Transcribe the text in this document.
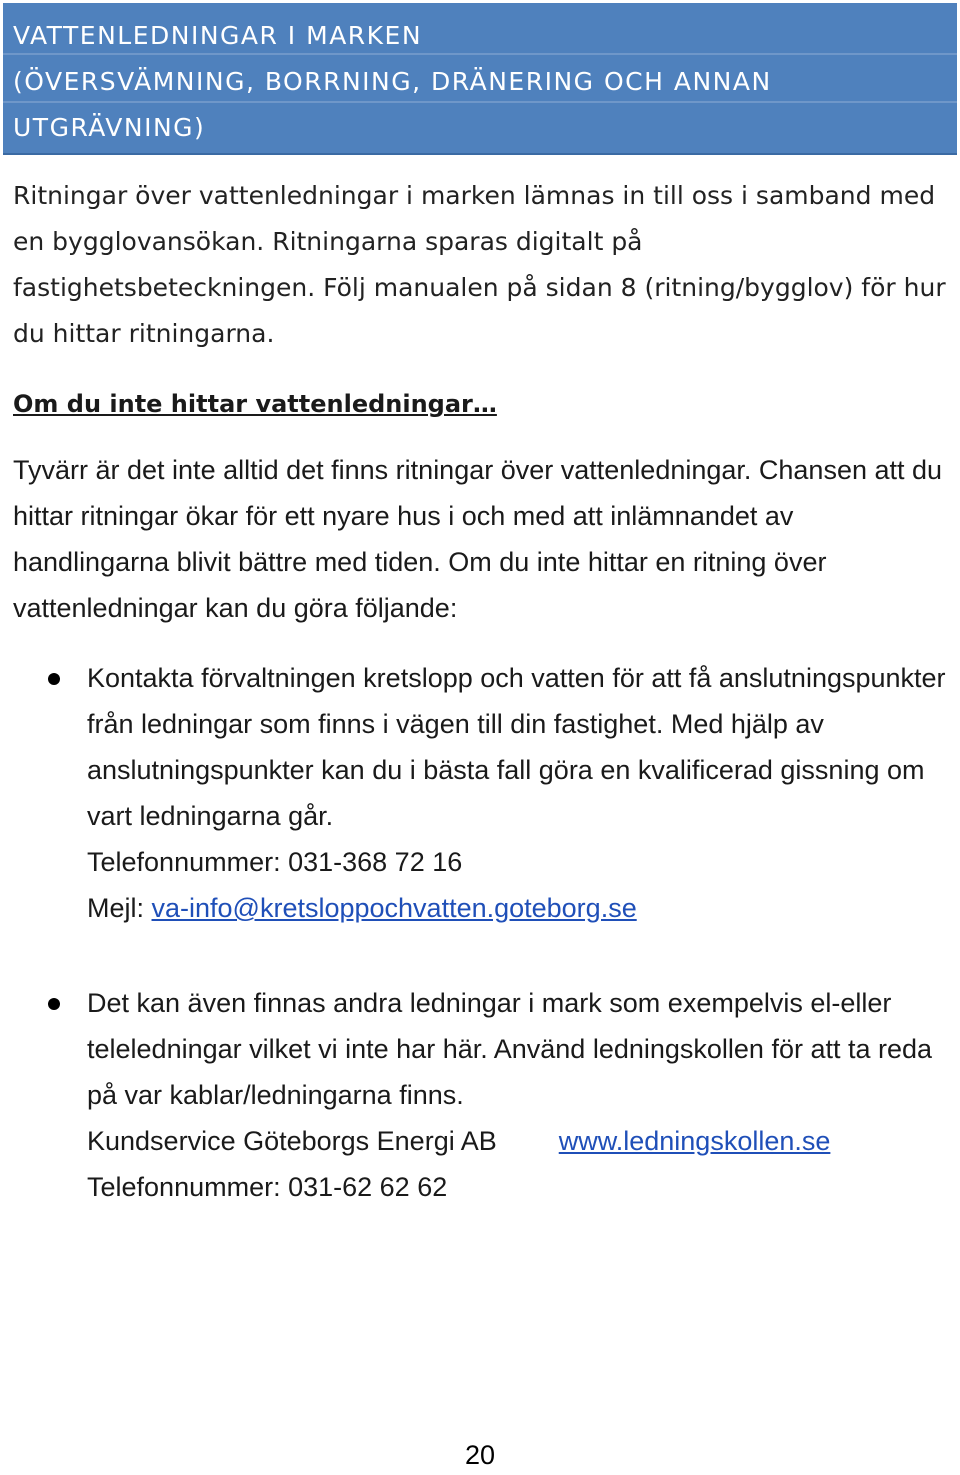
VATTENLEDNINGAR I MARKEN
(ÖVERSVÄMNING, BORRNING, DRÄNERING OCH ANNAN
UTGRÄVNING)

Ritningar över vattenledningar i marken lämnas in till oss i samband med en bygglovansökan. Ritningarna sparas digitalt på fastighetsbeteckningen. Följ manualen på sidan 8 (ritning/bygglov) för hur du hittar ritningarna.

Om du inte hittar vattenledningar…

Tyvärr är det inte alltid det finns ritningar över vattenledningar. Chansen att du hittar ritningar ökar för ett nyare hus i och med att inlämnandet av handlingarna blivit bättre med tiden. Om du inte hittar en ritning över vattenledningar kan du göra följande:

Kontakta förvaltningen kretslopp och vatten för att få anslutningspunkter från ledningar som finns i vägen till din fastighet. Med hjälp av anslutningspunkter kan du i bästa fall göra en kvalificerad gissning om vart ledningarna går.
Telefonnummer: 031-368 72 16
Mejl: va-info@kretsloppochvatten.goteborg.se
Det kan även finnas andra ledningar i mark som exempelvis el-eller teleledningar vilket vi inte har här. Använd ledningskollen för att ta reda på var kablar/ledningarna finns.
Kundservice Göteborgs Energi AB www.ledningskollen.se
Telefonnummer: 031-62 62 62
20
